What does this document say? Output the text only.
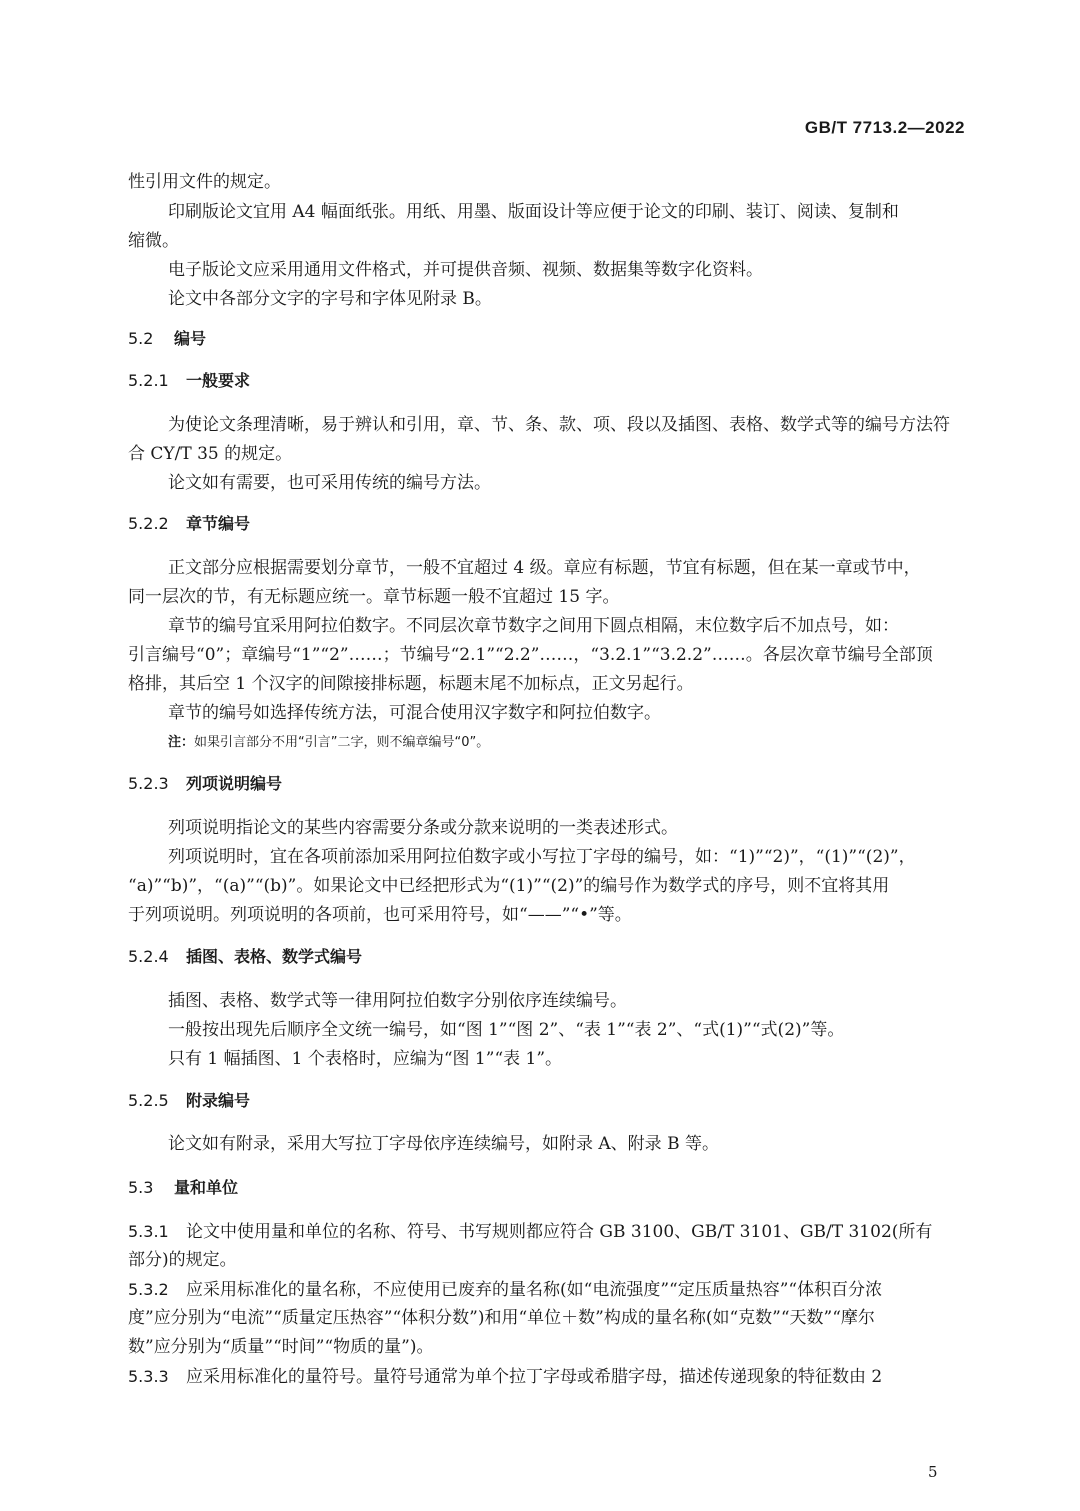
GB/T 7713.2—2022
性引用文件的规定。
印刷版论文宜用 A4 幅面纸张。用纸、用墨、版面设计等应便于论文的印刷、装订、阅读、复制和
缩微。
电子版论文应采用通用文件格式，并可提供音频、视频、数据集等数字化资料。
论文中各部分文字的字号和字体见附录 B。
5.2 编号
5.2.1 一般要求
为使论文条理清晰，易于辨认和引用，章、节、条、款、项、段以及插图、表格、数学式等的编号方法符
合 CY/T 35 的规定。
论文如有需要，也可采用传统的编号方法。
5.2.2 章节编号
正文部分应根据需要划分章节，一般不宜超过 4 级。章应有标题，节宜有标题，但在某一章或节中，
同一层次的节，有无标题应统一。章节标题一般不宜超过 15 字。
章节的编号宜采用阿拉伯数字。不同层次章节数字之间用下圆点相隔，末位数字后不加点号，如：
引言编号“0”；章编号“1”“2”……；节编号“2.1”“2.2”……，“3.2.1”“3.2.2”……。各层次章节编号全部顶
格排，其后空 1 个汉字的间隙接排标题，标题末尾不加标点，正文另起行。
章节的编号如选择传统方法，可混合使用汉字数字和阿拉伯数字。
注：如果引言部分不用“引言”二字，则不编章编号“0”。
5.2.3 列项说明编号
列项说明指论文的某些内容需要分条或分款来说明的一类表述形式。
列项说明时，宜在各项前添加采用阿拉伯数字或小写拉丁字母的编号，如：“1)”“2)”，“(1)”“(2)”，
“a)”“b)”，“(a)”“(b)”。如果论文中已经把形式为“(1)”“(2)”的编号作为数学式的序号，则不宜将其用
于列项说明。列项说明的各项前，也可采用符号，如“——”“•”等。
5.2.4 插图、表格、数学式编号
插图、表格、数学式等一律用阿拉伯数字分别依序连续编号。
一般按出现先后顺序全文统一编号，如“图 1”“图 2”、“表 1”“表 2”、“式(1)”“式(2)”等。
只有 1 幅插图、1 个表格时，应编为“图 1”“表 1”。
5.2.5 附录编号
论文如有附录，采用大写拉丁字母依序连续编号，如附录 A、附录 B 等。
5.3 量和单位
5.3.1 论文中使用量和单位的名称、符号、书写规则都应符合 GB 3100、GB/T 3101、GB/T 3102(所有
部分)的规定。
5.3.2 应采用标准化的量名称，不应使用已废弃的量名称(如“电流强度”“定压质量热容”“体积百分浓
度”应分别为“电流”“质量定压热容”“体积分数”)和用“单位＋数”构成的量名称(如“克数”“天数”“摩尔
数”应分别为“质量”“时间”“物质的量”)。
5.3.3 应采用标准化的量符号。量符号通常为单个拉丁字母或希腊字母，描述传递现象的特征数由 2
5
